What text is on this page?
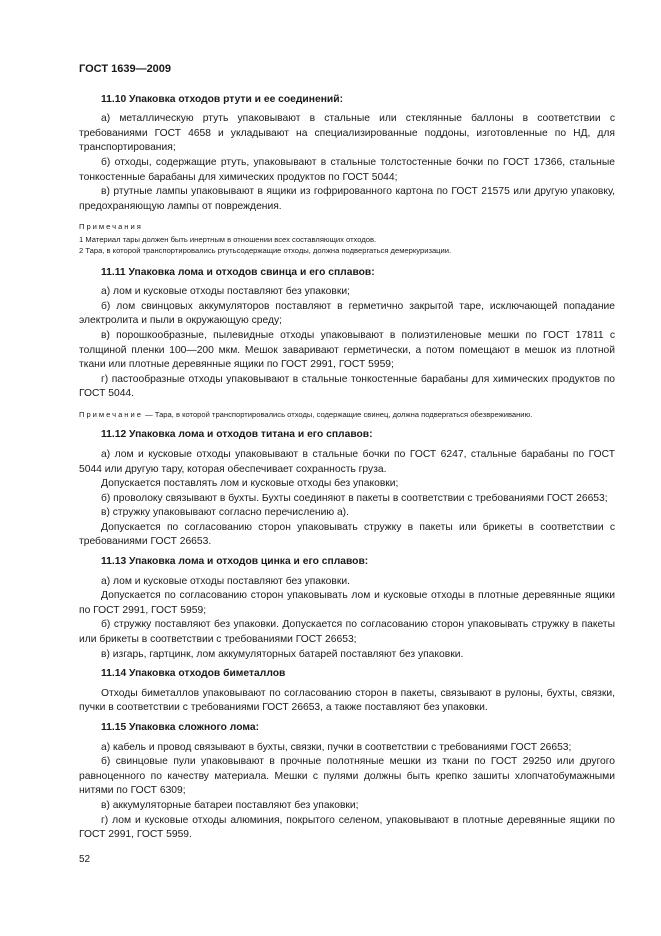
ГОСТ 1639—2009
11.10 Упаковка отходов ртути и ее соединений:

а) металлическую ртуть упаковывают в стальные или стеклянные баллоны в соответствии с требованиями ГОСТ 4658 и укладывают на специализированные поддоны, изготовленные по НД, для транспортирования;

б) отходы, содержащие ртуть, упаковывают в стальные толстостенные бочки по ГОСТ 17366, стальные тонкостенные барабаны для химических продуктов по ГОСТ 5044;

в) ртутные лампы упаковывают в ящики из гофрированного картона по ГОСТ 21575 или другую упаковку, предохраняющую лампы от повреждения.

Примечания
1 Материал тары должен быть инертным в отношении всех составляющих отходов.
2 Тара, в которой транспортировались ртутьсодержащие отходы, должна подвергаться демеркуризации.
11.11 Упаковка лома и отходов свинца и его сплавов:

а) лом и кусковые отходы поставляют без упаковки;

б) лом свинцовых аккумуляторов поставляют в герметично закрытой таре, исключающей попадание электролита и пыли в окружающую среду;

в) порошкообразные, пылевидные отходы упаковывают в полиэтиленовые мешки по ГОСТ 17811 с толщиной пленки 100—200 мкм. Мешок заваривают герметически, а потом помещают в мешок из плотной ткани или плотные деревянные ящики по ГОСТ 2991, ГОСТ 5959;

г) пастообразные отходы упаковывают в стальные тонкостенные барабаны для химических продуктов по ГОСТ 5044.

Примечание — Тара, в которой транспортировались отходы, содержащие свинец, должна подвергаться обезвреживанию.
11.12 Упаковка лома и отходов титана и его сплавов:

а) лом и кусковые отходы упаковывают в стальные бочки по ГОСТ 6247, стальные барабаны по ГОСТ 5044 или другую тару, которая обеспечивает сохранность груза.

Допускается поставлять лом и кусковые отходы без упаковки;

б) проволоку связывают в бухты. Бухты соединяют в пакеты в соответствии с требованиями ГОСТ 26653;

в) стружку упаковывают согласно перечислению а).

Допускается по согласованию сторон упаковывать стружку в пакеты или брикеты в соответствии с требованиями ГОСТ 26653.

11.13 Упаковка лома и отходов цинка и его сплавов:

а) лом и кусковые отходы поставляют без упаковки.

Допускается по согласованию сторон упаковывать лом и кусковые отходы в плотные деревянные ящики по ГОСТ 2991, ГОСТ 5959;

б) стружку поставляют без упаковки. Допускается по согласованию сторон упаковывать стружку в пакеты или брикеты в соответствии с требованиями ГОСТ 26653;

в) изгарь, гартцинк, лом аккумуляторных батарей поставляют без упаковки.

11.14 Упаковка отходов биметаллов

Отходы биметаллов упаковывают по согласованию сторон в пакеты, связывают в рулоны, бухты, связки, пучки в соответствии с требованиями ГОСТ 26653, а также поставляют без упаковки.

11.15 Упаковка сложного лома:

а) кабель и провод связывают в бухты, связки, пучки в соответствии с требованиями ГОСТ 26653;

б) свинцовые пули упаковывают в прочные полотняные мешки из ткани по ГОСТ 29250 или другого равноценного по качеству материала. Мешки с пулями должны быть крепко зашиты хлопчатобумажными нитями по ГОСТ 6309;

в) аккумуляторные батареи поставляют без упаковки;

г) лом и кусковые отходы алюминия, покрытого селеном, упаковывают в плотные деревянные ящики по ГОСТ 2991, ГОСТ 5959.

52
